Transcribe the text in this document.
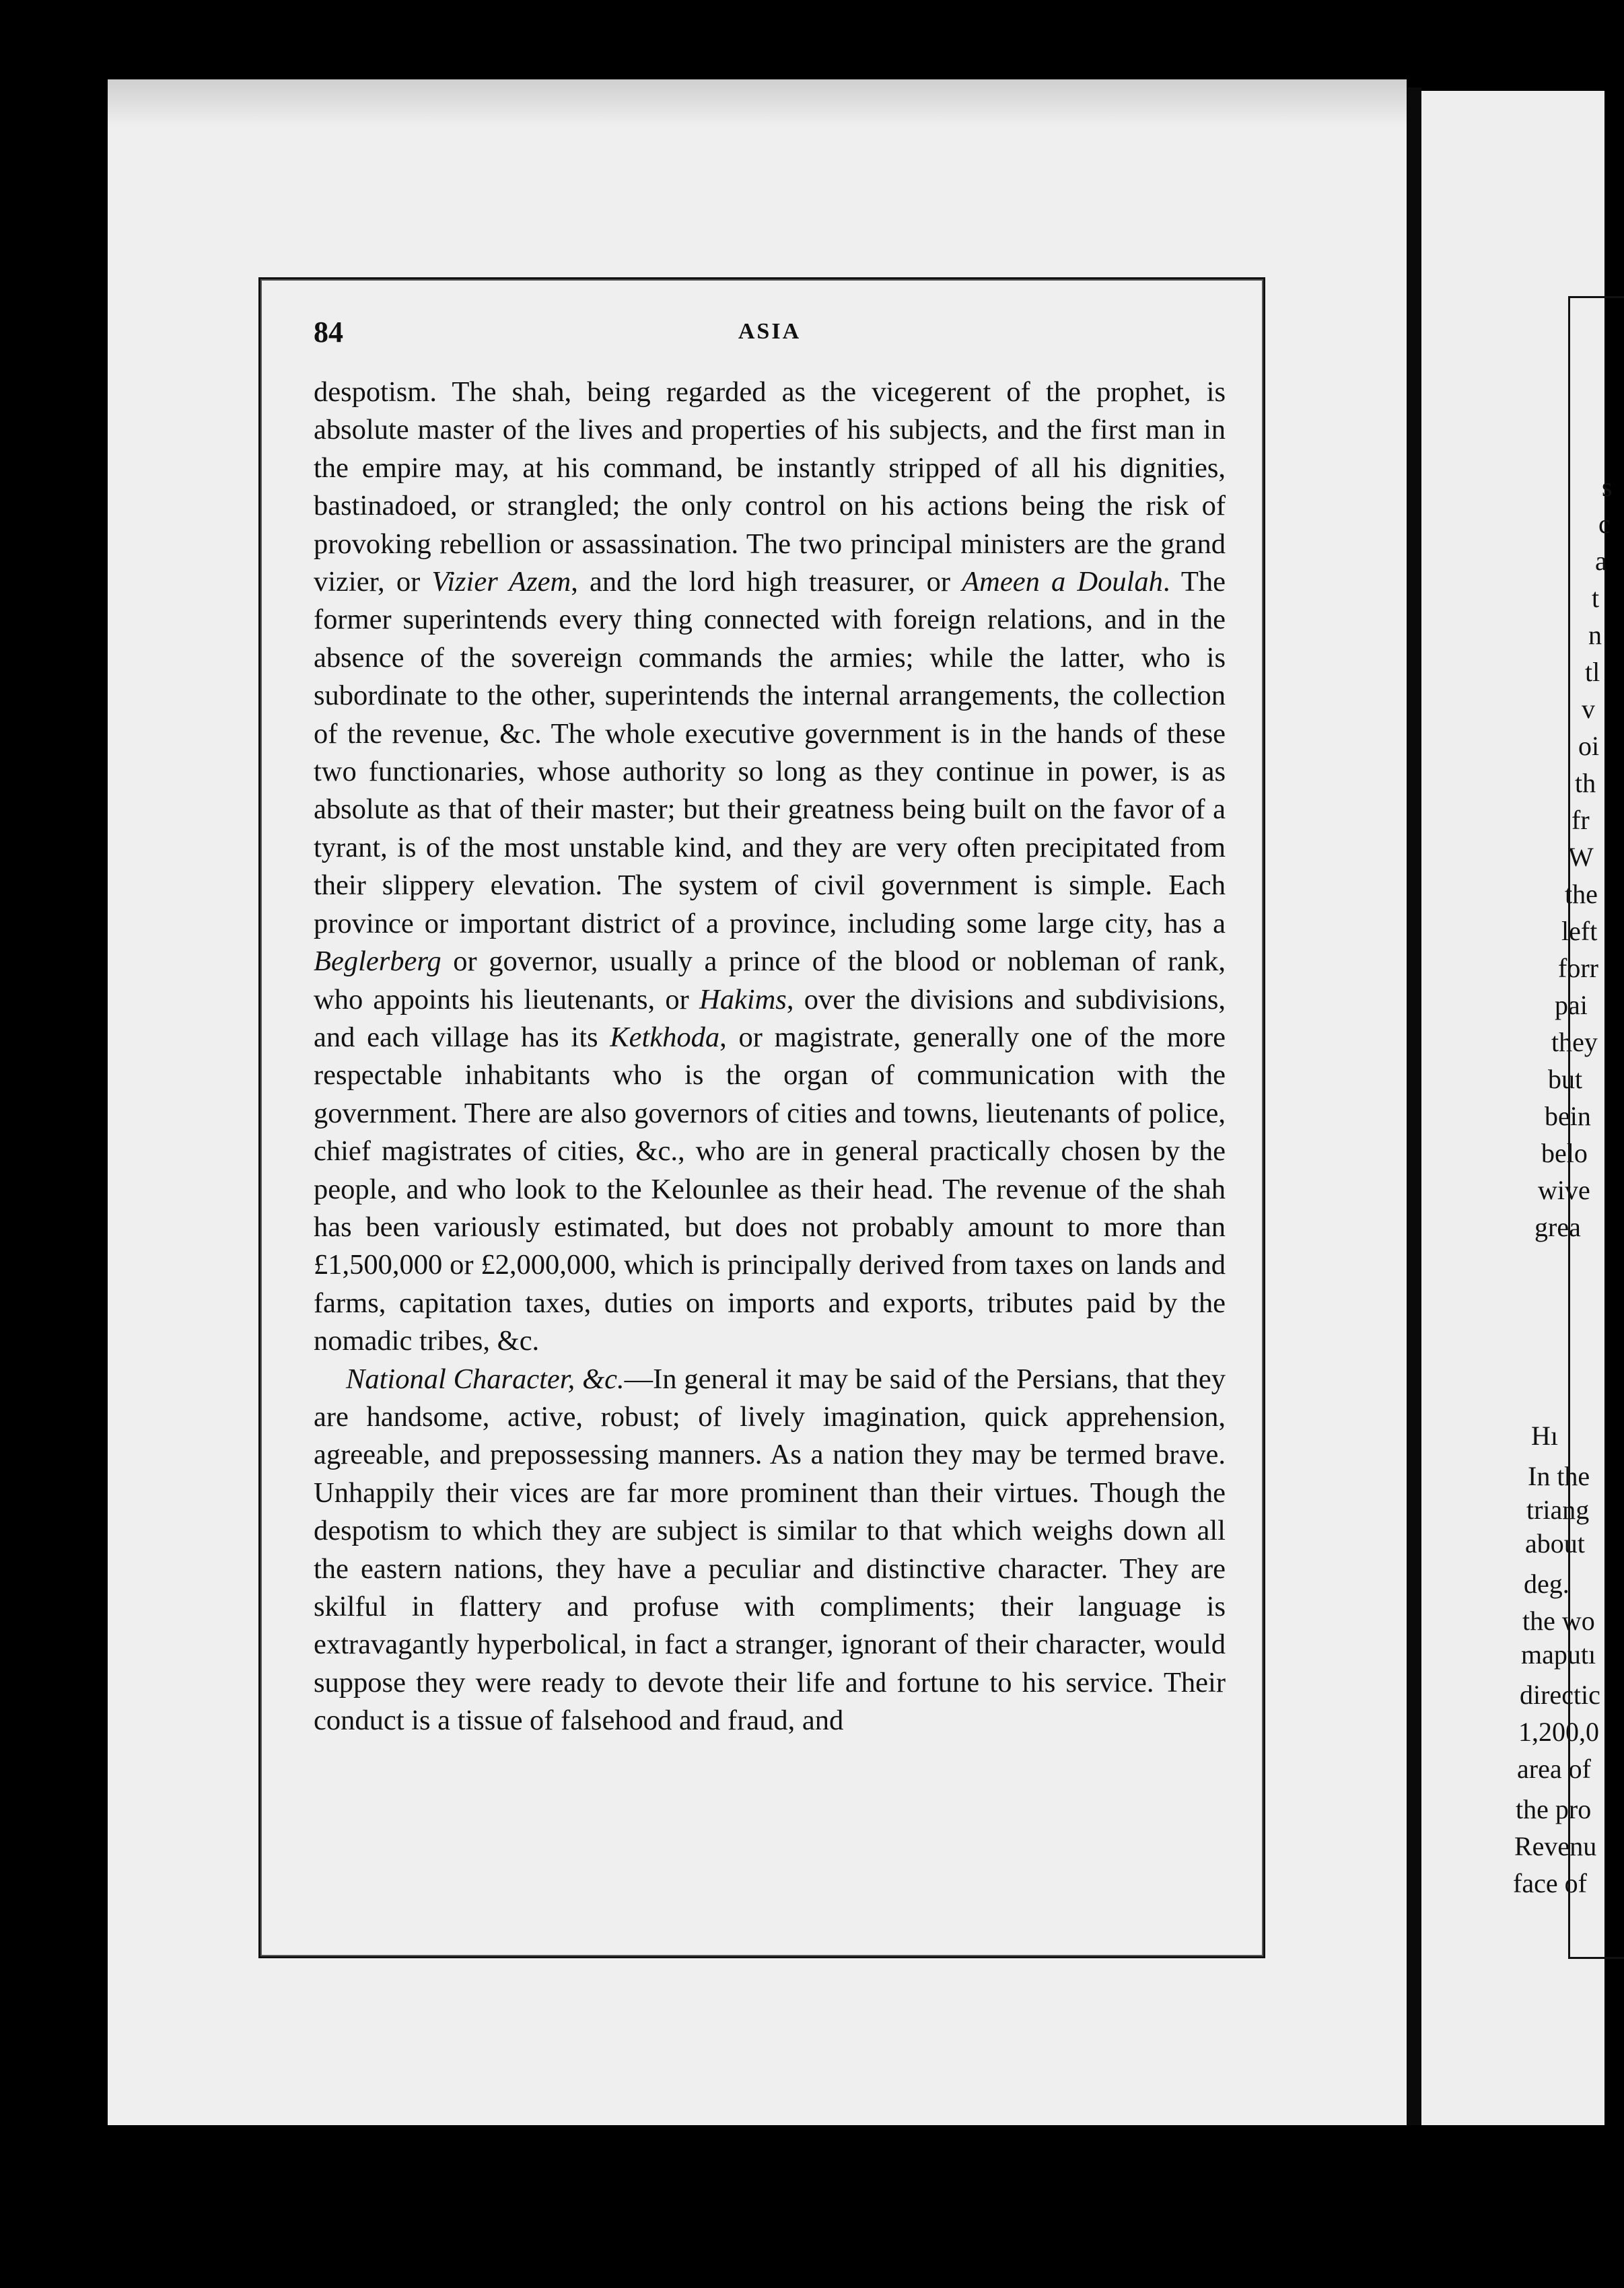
84	ASIA

despotism. The shah, being regarded as the vicegerent of the prophet, is absolute master of the lives and properties of his subjects, and the first man in the empire may, at his command, be instantly stripped of all his dignities, bastinadoed, or strangled; the only control on his actions being the risk of provoking rebellion or assassination. The two principal ministers are the grand vizier, or Vizier Azem, and the lord high treasurer, or Ameen a Doulah. The former superintends every thing connected with foreign relations, and in the absence of the sovereign commands the armies; while the latter, who is subordinate to the other, superintends the internal arrangements, the collection of the revenue, &c. The whole executive government is in the hands of these two functionaries, whose authority so long as they continue in power, is as absolute as that of their master; but their greatness being built on the favor of a tyrant, is of the most unstable kind, and they are very often precipitated from their slippery elevation. The system of civil government is simple. Each province or important district of a province, including some large city, has a Beglerberg or governor, usually a prince of the blood or nobleman of rank, who appoints his lieutenants, or Hakims, over the divisions and subdivisions, and each village has its Ketkhoda, or magistrate, generally one of the more respectable inhabitants who is the organ of communication with the government. There are also governors of cities and towns, lieutenants of police, chief magistrates of cities, &c., who are in general practically chosen by the people, and who look to the Kelounlee as their head. The revenue of the shah has been variously estimated, but does not probably amount to more than £1,500,000 or £2,000,000, which is principally derived from taxes on lands and farms, capitation taxes, duties on imports and exports, tributes paid by the nomadic tribes, &c.

National Character, &c.—In general it may be said of the Persians, that they are handsome, active, robust; of lively imagination, quick apprehension, agreeable, and prepossessing manners. As a nation they may be termed brave. Unhappily their vices are far more prominent than their virtues. Though the despotism to which they are subject is similar to that which weighs down all the eastern nations, they have a peculiar and distinctive character. They are skilful in flattery and profuse with compliments; their language is extravagantly hyperbolical, in fact a stranger, ignorant of their character, would suppose they were ready to devote their life and fortune to his service. Their conduct is a tissue of falsehood and fraud, and

s
c
a
t
n
tl
v
oi
th
fr
W
the
left
forr
pai
they
but
bein
belo
wive
grea
Hı
In the
triang
about
deg.
the wo
maputı
directic
1,200,0
area of
the pro
Revenu
face of
